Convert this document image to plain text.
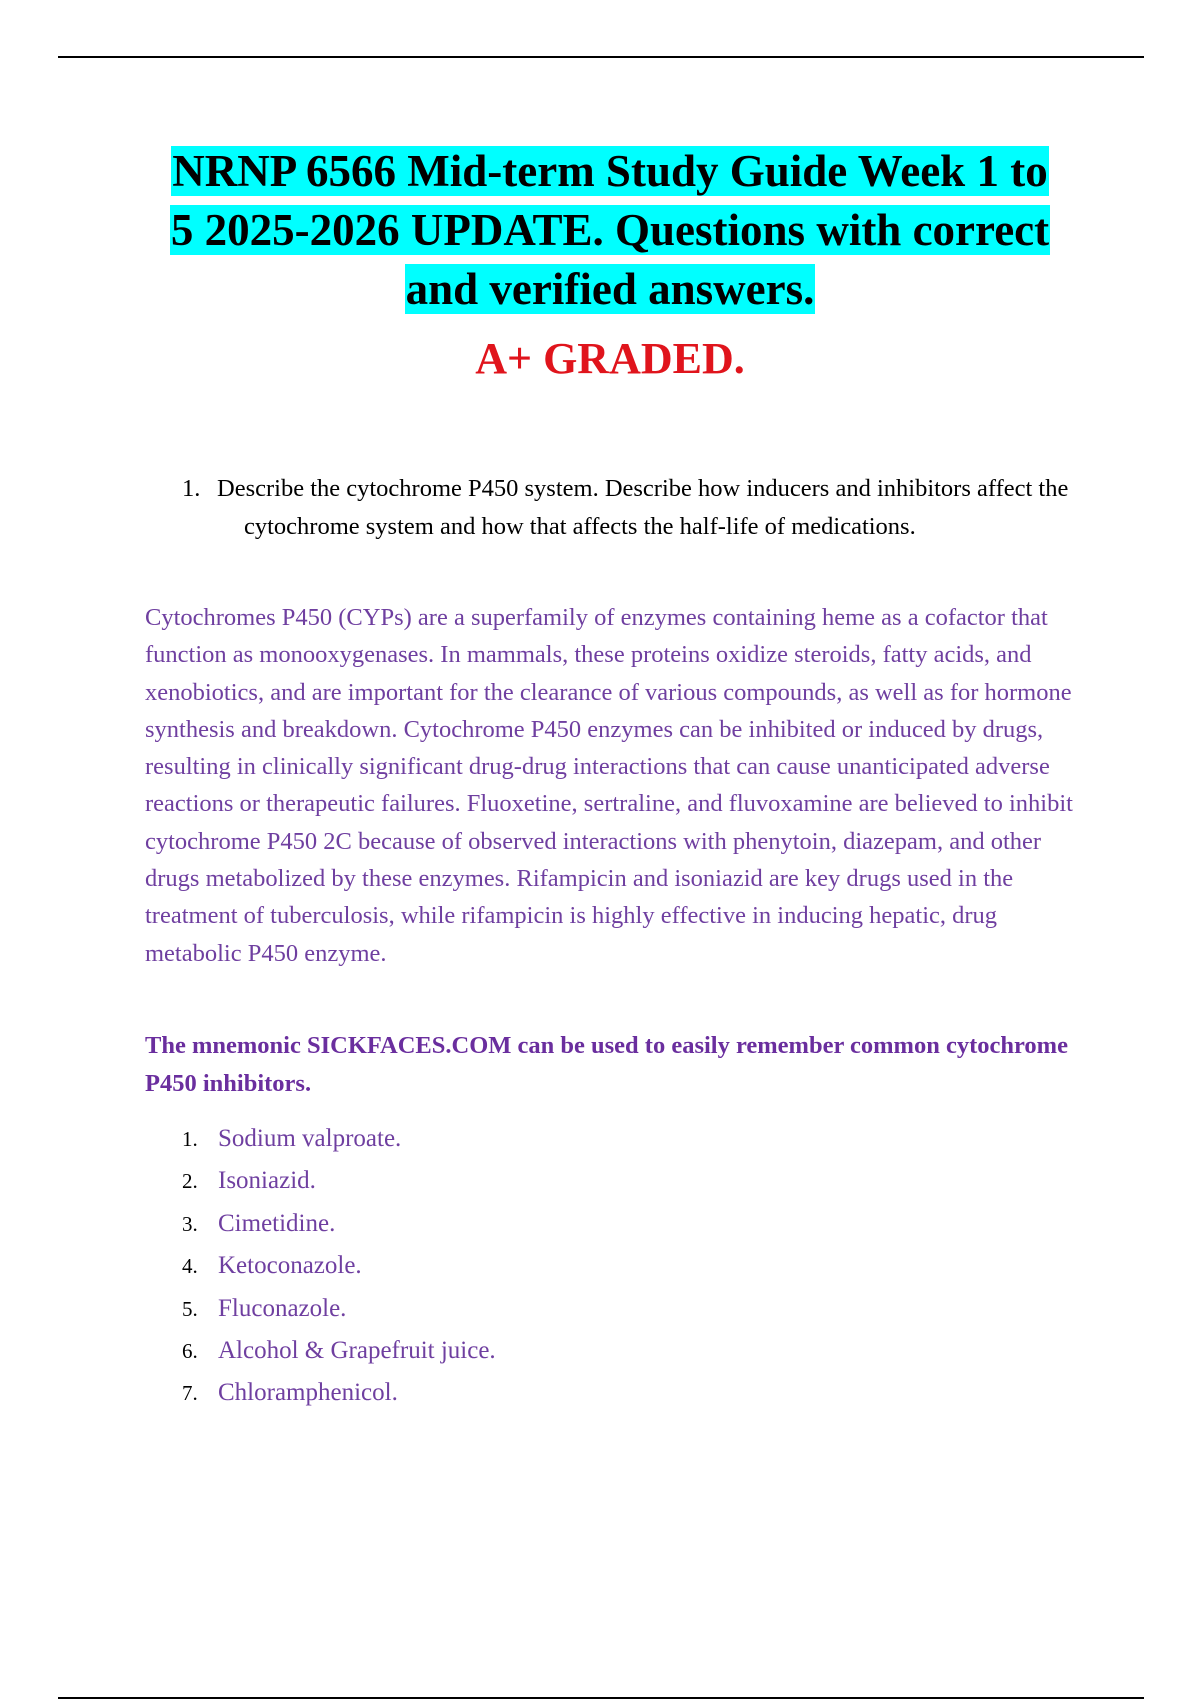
NRNP 6566 Mid-term Study Guide Week 1 to
5 2025-2026 UPDATE. Questions with correct
and verified answers.
A+ GRADED.
1. Describe the cytochrome P450 system. Describe how inducers and inhibitors affect the cytochrome system and how that affects the half-life of medications.

Cytochromes P450 (CYPs) are a superfamily of enzymes containing heme as a cofactor that function as monooxygenases. In mammals, these proteins oxidize steroids, fatty acids, and xenobiotics, and are important for the clearance of various compounds, as well as for hormone synthesis and breakdown. Cytochrome P450 enzymes can be inhibited or induced by drugs, resulting in clinically significant drug-drug interactions that can cause unanticipated adverse reactions or therapeutic failures. Fluoxetine, sertraline, and fluvoxamine are believed to inhibit cytochrome P450 2C because of observed interactions with phenytoin, diazepam, and other drugs metabolized by these enzymes. Rifampicin and isoniazid are key drugs used in the treatment of tuberculosis, while rifampicin is highly effective in inducing hepatic, drug metabolic P450 enzyme.

The mnemonic SICKFACES.COM can be used to easily remember common cytochrome P450 inhibitors.

1. Sodium valproate.
2. Isoniazid.
3. Cimetidine.
4. Ketoconazole.
5. Fluconazole.
6. Alcohol & Grapefruit juice.
7. Chloramphenicol.
